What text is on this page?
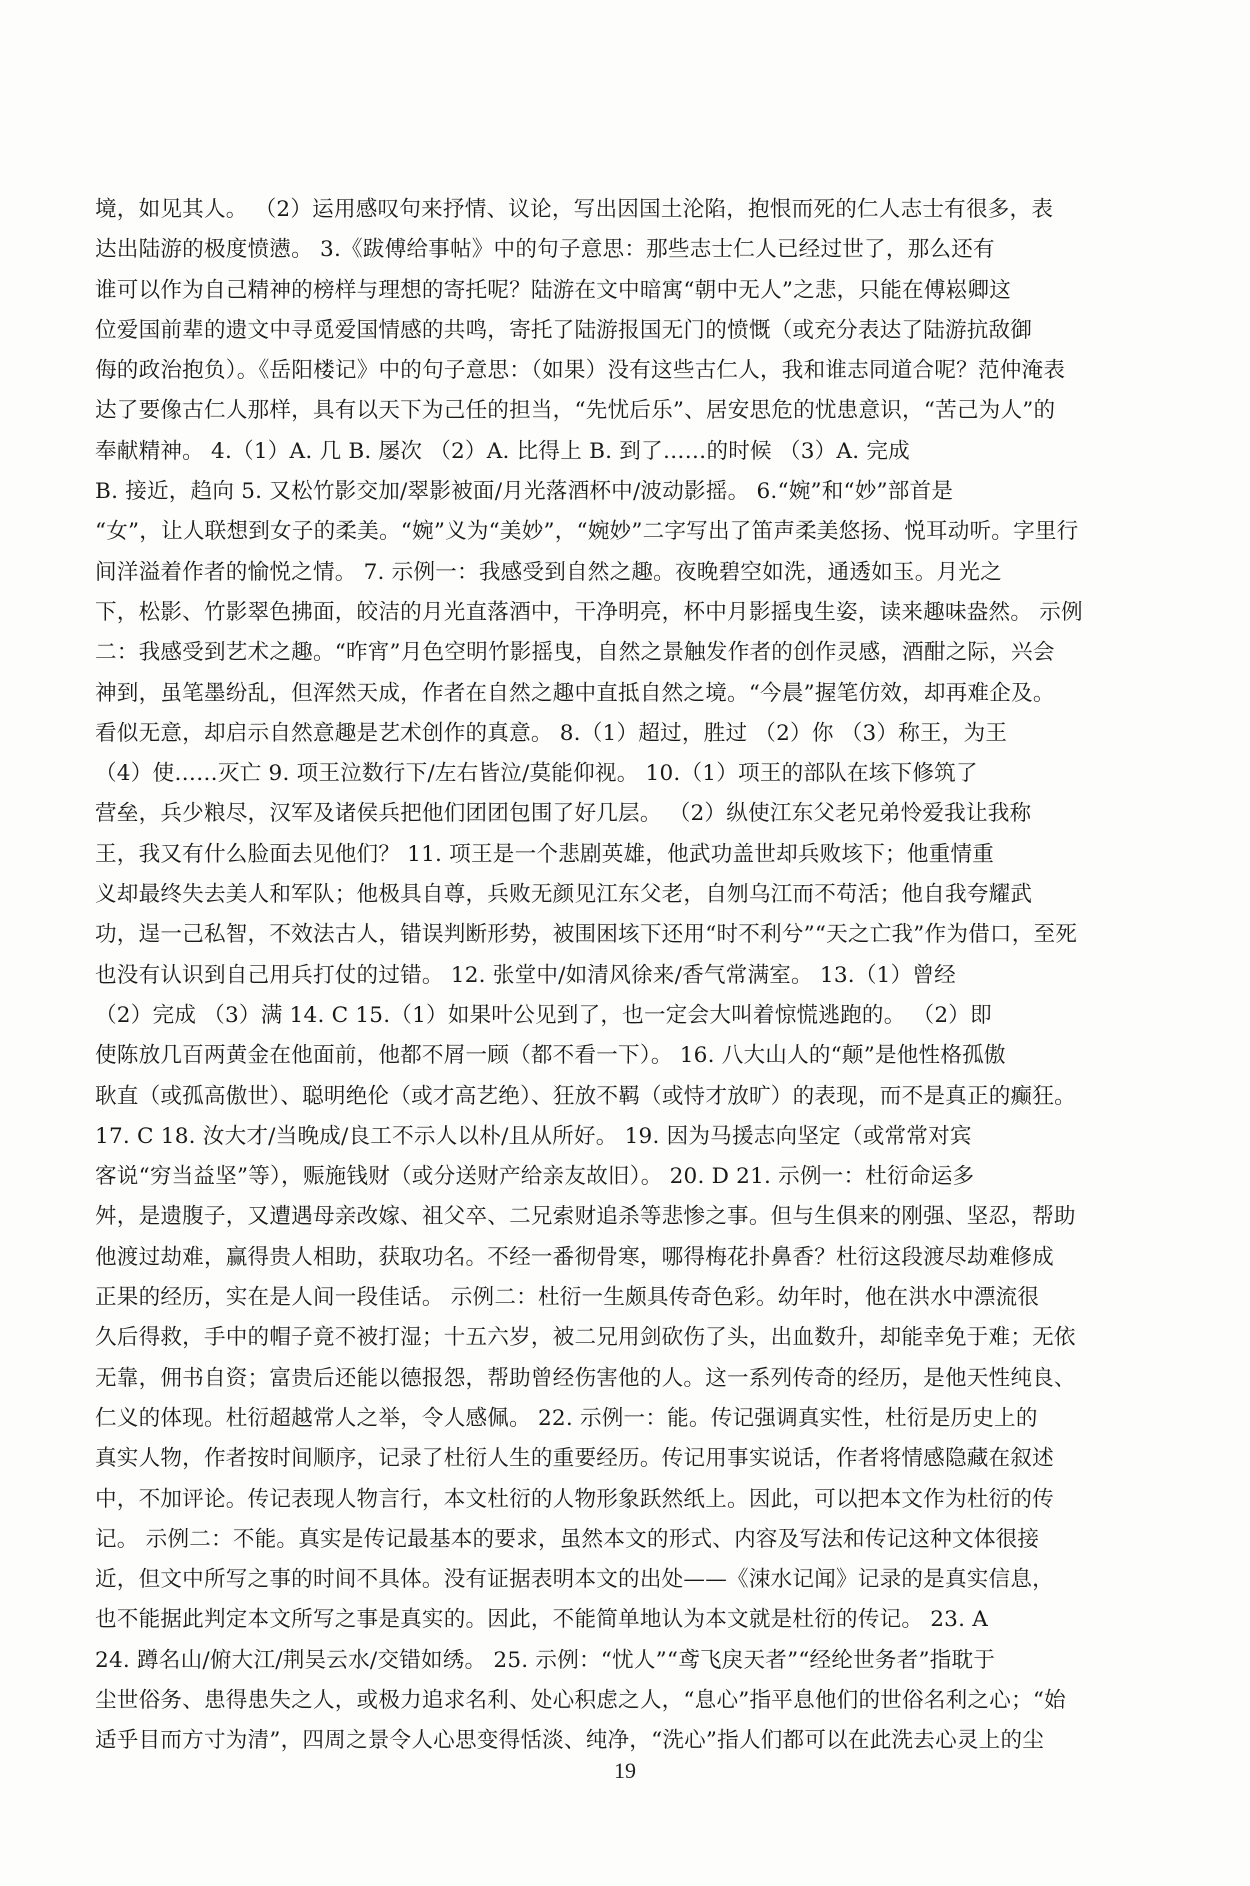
境，如见其人。 （2）运用感叹句来抒情、议论，写出因国土沦陷，抱恨而死的仁人志士有很多，表
达出陆游的极度愤懑。 3.《跋傅给事帖》中的句子意思：那些志士仁人已经过世了，那么还有
谁可以作为自己精神的榜样与理想的寄托呢？陆游在文中暗寓“朝中无人”之悲，只能在傅崧卿这
位爱国前辈的遗文中寻觅爱国情感的共鸣，寄托了陆游报国无门的愤慨（或充分表达了陆游抗敌御
侮的政治抱负）。《岳阳楼记》中的句子意思：（如果）没有这些古仁人，我和谁志同道合呢？范仲淹表
达了要像古仁人那样，具有以天下为己任的担当，“先忧后乐”、居安思危的忧患意识，“苦己为人”的
奉献精神。 4.（1）A. 几 B. 屡次 （2）A. 比得上 B. 到了……的时候 （3）A. 完成
B. 接近，趋向 5. 又松竹影交加/翠影被面/月光落酒杯中/波动影摇。 6.“婉”和“妙”部首是
“女”，让人联想到女子的柔美。“婉”义为“美妙”，“婉妙”二字写出了笛声柔美悠扬、悦耳动听。字里行
间洋溢着作者的愉悦之情。 7. 示例一：我感受到自然之趣。夜晚碧空如洗，通透如玉。月光之
下，松影、竹影翠色拂面，皎洁的月光直落酒中，干净明亮，杯中月影摇曳生姿，读来趣味盎然。 示例
二：我感受到艺术之趣。“昨宵”月色空明竹影摇曳，自然之景触发作者的创作灵感，酒酣之际，兴会
神到，虽笔墨纷乱，但浑然天成，作者在自然之趣中直抵自然之境。“今晨”握笔仿效，却再难企及。
看似无意，却启示自然意趣是艺术创作的真意。 8.（1）超过，胜过 （2）你 （3）称王，为王
（4）使……灭亡 9. 项王泣数行下/左右皆泣/莫能仰视。 10.（1）项王的部队在垓下修筑了
营垒，兵少粮尽，汉军及诸侯兵把他们团团包围了好几层。 （2）纵使江东父老兄弟怜爱我让我称
王，我又有什么脸面去见他们？ 11. 项王是一个悲剧英雄，他武功盖世却兵败垓下；他重情重
义却最终失去美人和军队；他极具自尊，兵败无颜见江东父老，自刎乌江而不苟活；他自我夸耀武
功，逞一己私智，不效法古人，错误判断形势，被围困垓下还用“时不利兮”“天之亡我”作为借口，至死
也没有认识到自己用兵打仗的过错。 12. 张堂中/如清风徐来/香气常满室。 13.（1）曾经
（2）完成 （3）满 14. C 15.（1）如果叶公见到了，也一定会大叫着惊慌逃跑的。 （2）即
使陈放几百两黄金在他面前，他都不屑一顾（都不看一下）。 16. 八大山人的“颠”是他性格孤傲
耿直（或孤高傲世）、聪明绝伦（或才高艺绝）、狂放不羁（或恃才放旷）的表现，而不是真正的癫狂。
17. C 18. 汝大才/当晚成/良工不示人以朴/且从所好。 19. 因为马援志向坚定（或常常对宾
客说“穷当益坚”等），赈施钱财（或分送财产给亲友故旧）。 20. D 21. 示例一：杜衍命运多
舛，是遗腹子，又遭遇母亲改嫁、祖父卒、二兄索财追杀等悲惨之事。但与生俱来的刚强、坚忍，帮助
他渡过劫难，赢得贵人相助，获取功名。不经一番彻骨寒，哪得梅花扑鼻香？杜衍这段渡尽劫难修成
正果的经历，实在是人间一段佳话。 示例二：杜衍一生颇具传奇色彩。幼年时，他在洪水中漂流很
久后得救，手中的帽子竟不被打湿；十五六岁，被二兄用剑砍伤了头，出血数升，却能幸免于难；无依
无靠，佣书自资；富贵后还能以德报怨，帮助曾经伤害他的人。这一系列传奇的经历，是他天性纯良、
仁义的体现。杜衍超越常人之举，令人感佩。 22. 示例一：能。传记强调真实性，杜衍是历史上的
真实人物，作者按时间顺序，记录了杜衍人生的重要经历。传记用事实说话，作者将情感隐藏在叙述
中，不加评论。传记表现人物言行，本文杜衍的人物形象跃然纸上。因此，可以把本文作为杜衍的传
记。 示例二：不能。真实是传记最基本的要求，虽然本文的形式、内容及写法和传记这种文体很接
近，但文中所写之事的时间不具体。没有证据表明本文的出处——《涑水记闻》记录的是真实信息，
也不能据此判定本文所写之事是真实的。因此，不能简单地认为本文就是杜衍的传记。 23. A
24. 蹲名山/俯大江/荆吴云水/交错如绣。 25. 示例：“忧人”“鸢飞戾天者”“经纶世务者”指耽于
尘世俗务、患得患失之人，或极力追求名利、处心积虑之人，“息心”指平息他们的世俗名利之心；“始
适乎目而方寸为清”，四周之景令人心思变得恬淡、纯净，“洗心”指人们都可以在此洗去心灵上的尘
19
